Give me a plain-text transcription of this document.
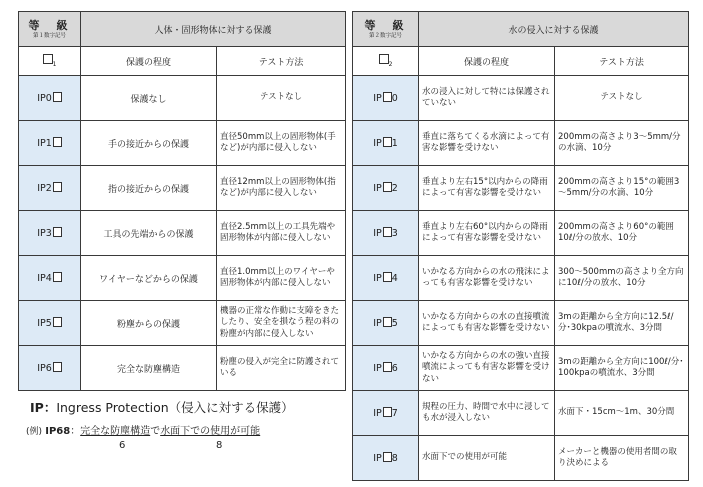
等　級
第１数字記号	人体・固形物体に対する保護	
$_1$	保護の程度	テスト方法
IP0	保護なし	テストなし
IP1	手の接近からの保護	直径50mm以上の固形物体(手など)が内部に侵入しない
IP2	指の接近からの保護	直径12mm以上の固形物体(指など)が内部に侵入しない
IP3	工具の先端からの保護	直径2.5mm以上の工具先端や固形物体が内部に侵入しない
IP4	ワイヤーなどからの保護	直径1.0mm以上のワイヤーや固形物体が内部に侵入しない
IP5	粉塵からの保護	機器の正常な作動に支障をきたしたり、安全を損なう程の料の粉塵が内部に侵入しない
IP6	完全な防塵構造	粉塵の侵入が完全に防護されている
等　級
第２数字記号	水の侵入に対する保護	
$_2$	保護の程度	テスト方法
IP 0	水の浸入に対して特には保護されていない	テストなし
IP 1	垂直に落ちてくる水滴によって有害な影響を受けない	200mmの高さより3～5mm/分の水滴、10分
IP 2	垂直より左右15°以内からの降雨によって有害な影響を受けない	200mmの高さより15°の範囲3～5mm/分の水滴、10分
IP 3	垂直より左右60°以内からの降雨によって有害な影響を受けない	200mmの高さより60°の範囲10ℓ/分の放水、10分
IP 4	いかなる方向からの水の飛沫によっても有害な影響を受けない	300～500mmの高さより全方向に10ℓ/分の放水、10分
IP 5	いかなる方向からの水の直接噴流によっても有害な影響を受けない	3mの距離から全方向に12.5ℓ/分･30kpaの噴流水、3分間
IP 6	いかなる方向からの水の強い直接噴流によっても有害な影響を受けない	3mの距離から全方向に100ℓ/分･100kpaの噴流水、3分間
IP 7	規程の圧力、時間で水中に浸しても水が浸入しない	水面下・15cm～1m、30分間
IP 8	水面下での使用が可能	メーカーと機器の使用者間の取り決めによる
IP：Ingress Protection（侵入に対する保護）
(例) IP68：完全な防塵構造で水面下での使用が可能
6	8
